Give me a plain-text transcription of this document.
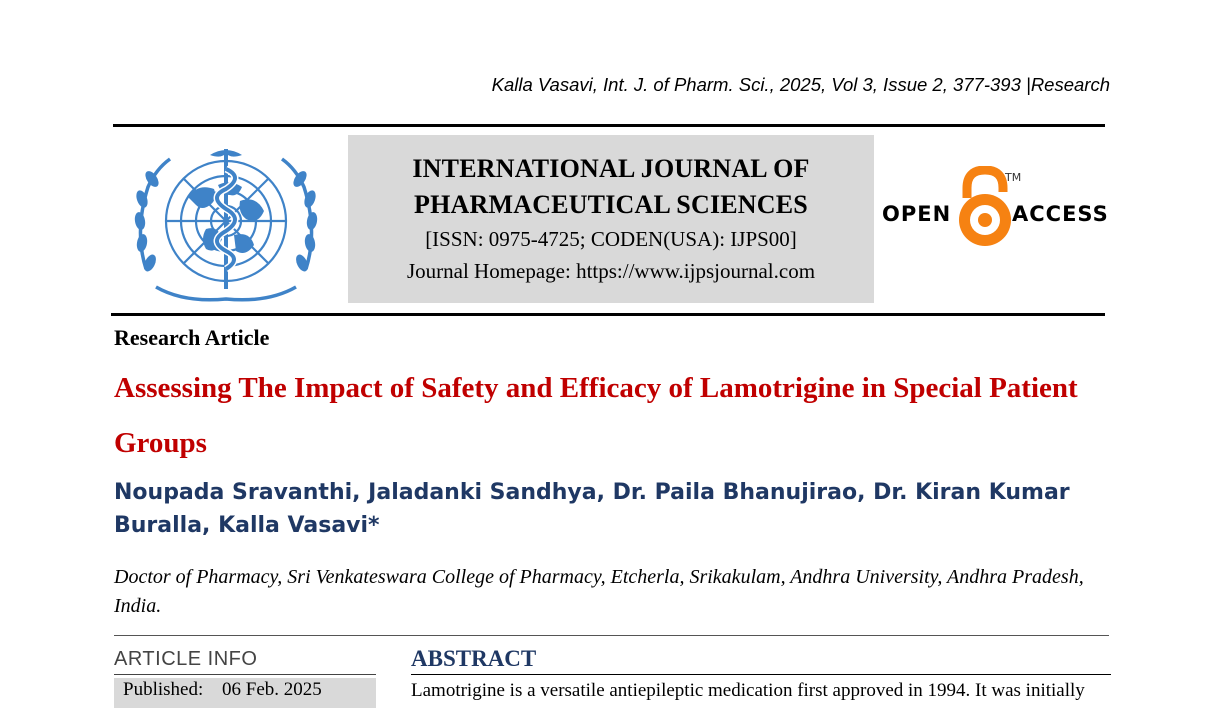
Kalla Vasavi, Int. J. of Pharm. Sci., 2025, Vol 3, Issue 2, 377-393 |Research
INTERNATIONAL JOURNAL OF
PHARMACEUTICAL SCIENCES
[ISSN: 0975-4725; CODEN(USA): IJPS00]
Journal Homepage: https://www.ijpsjournal.com
TM
OPEN	ACCESS
Research Article
Assessing The Impact of Safety and Efficacy of Lamotrigine in Special Patient Groups
Noupada Sravanthi, Jaladanki Sandhya, Dr. Paila Bhanujirao, Dr. Kiran Kumar Buralla, Kalla Vasavi*
Doctor of Pharmacy, Sri Venkateswara College of Pharmacy, Etcherla, Srikakulam, Andhra University, Andhra Pradesh, India.
ARTICLE INFO
Published: 06 Feb. 2025
ABSTRACT
Lamotrigine is a versatile antiepileptic medication first approved in 1994. It was initially
